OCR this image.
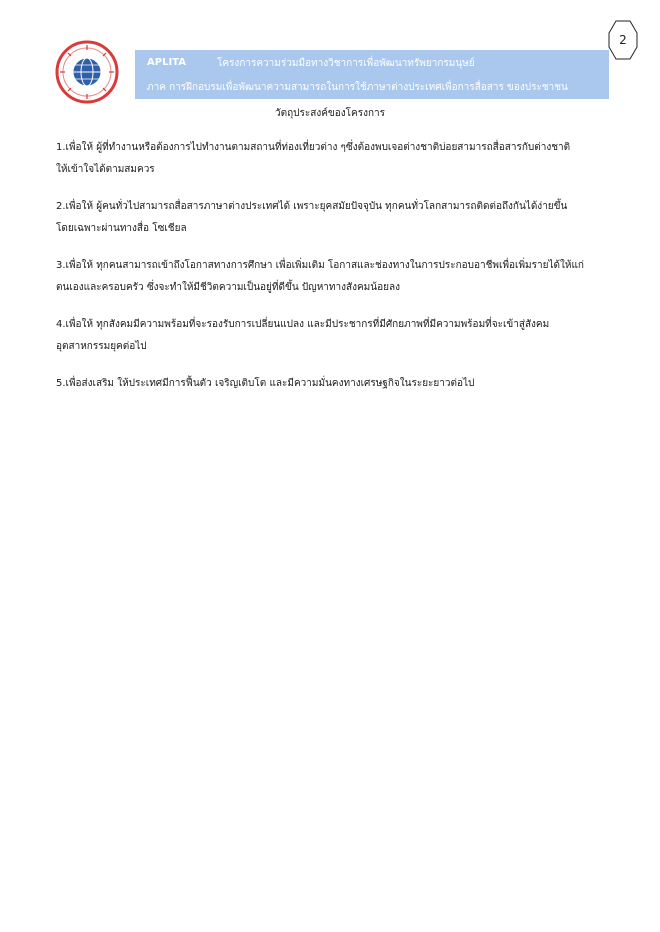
2
APLITA	โครงการความร่วมมือทางวิชาการเพื่อพัฒนาทรัพยากรมนุษย์
ภาค การฝึกอบรมเพื่อพัฒนาความสามารถในการใช้ภาษาต่างประเทศเพื่อการสื่อสาร ของประชาชน
วัตถุประสงค์ของโครงการ
1.เพื่อให้ ผู้ที่ทำงานหรือต้องการไปทำงานตามสถานที่ท่องเที่ยวต่าง ๆซึ่งต้องพบเจอต่างชาติบ่อยสามารถสื่อสารกับต่างชาติ
ให้เข้าใจได้ตามสมควร
2.เพื่อให้ ผู้คนทั่วไปสามารถสื่อสารภาษาต่างประเทศได้ เพราะยุคสมัยปัจจุบัน ทุกคนทั่วโลกสามารถติดต่อถึงกันได้ง่ายขึ้น
โดยเฉพาะผ่านทางสื่อ โซเชียล
3.เพื่อให้ ทุกคนสามารถเข้าถึงโอกาสทางการศึกษา เพื่อเพิ่มเติม โอกาสและช่องทางในการประกอบอาชีพเพื่อเพิ่มรายได้ให้แก่
ตนเองและครอบครัว ซึ่งจะทำให้มีชีวิตความเป็นอยู่ที่ดีขึ้น ปัญหาทางสังคมน้อยลง
4.เพื่อให้ ทุกสังคมมีความพร้อมที่จะรองรับการเปลี่ยนแปลง และมีประชากรที่มีศักยภาพที่มีความพร้อมที่จะเข้าสู่สังคม
อุตสาหกรรมยุคต่อไป
5.เพื่อส่งเสริม ให้ประเทศมีการฟื้นตัว เจริญเติบโต และมีความมั่นคงทางเศรษฐกิจในระยะยาวต่อไป
